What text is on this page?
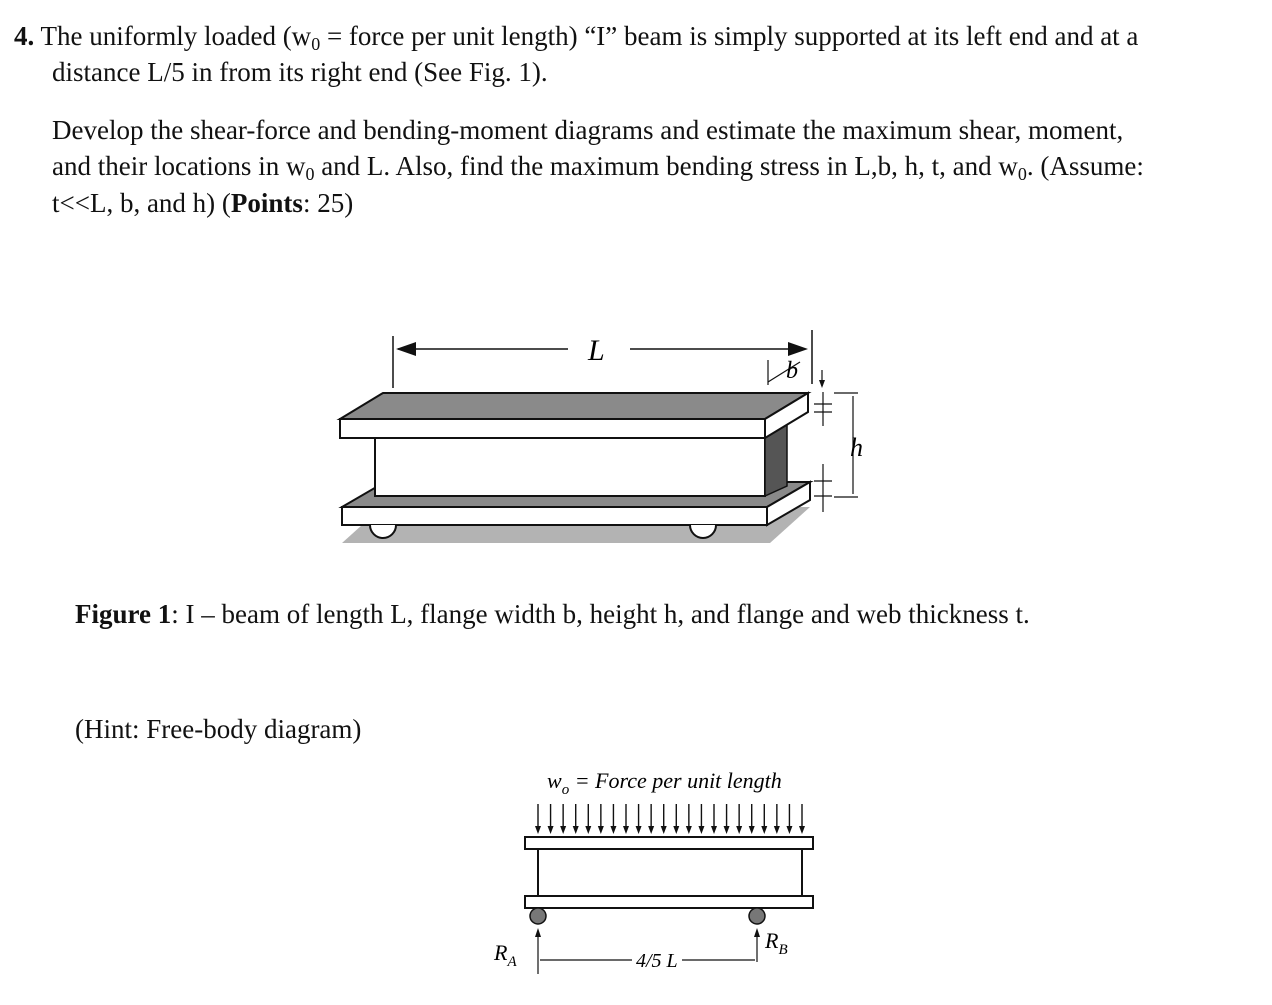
4. The uniformly loaded (w0 = force per unit length) “I” beam is simply supported at its left end and at a
distance L/5 in from its right end (See Fig. 1).
Develop the shear-force and bending-moment diagrams and estimate the maximum shear, moment,
and their locations in w0 and L. Also, find the maximum bending stress in L,b, h, t, and w0. (Assume:
t<<L, b, and h) (Points: 25)
L
b
h
Figure 1: I – beam of length L, flange width b, height h, and flange and web thickness t.
(Hint: Free-body diagram)
$w_o$ = Force per unit length
$R_A$
$R_B$
4/5 L
